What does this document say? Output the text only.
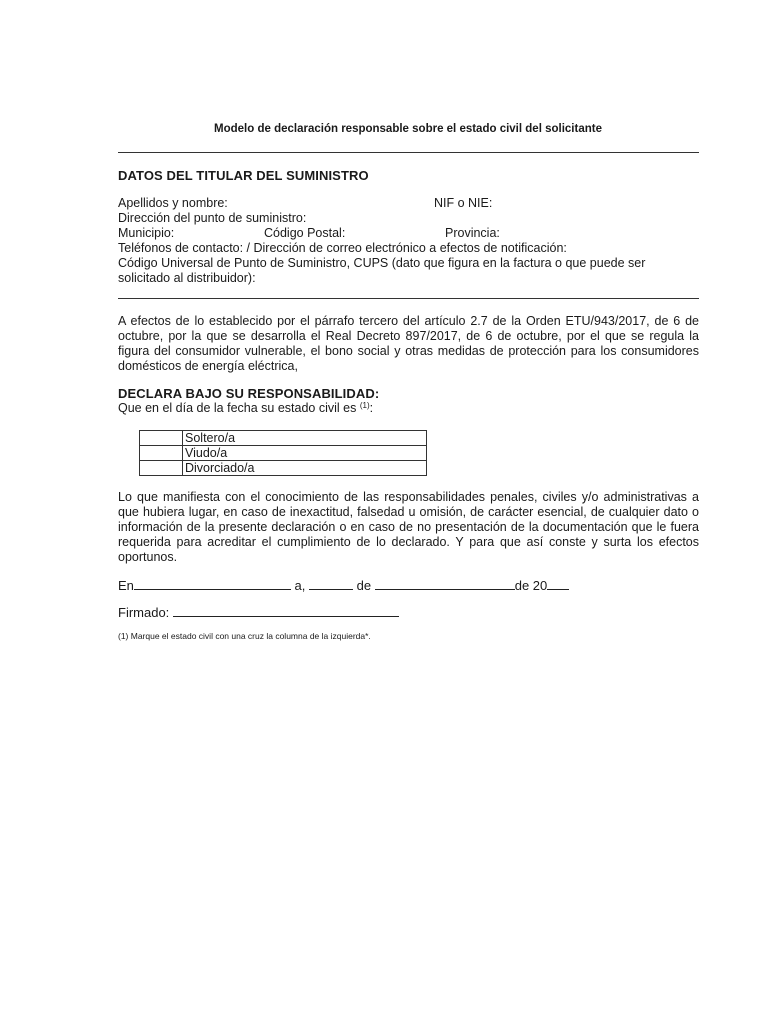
Modelo de declaración responsable sobre el estado civil del solicitante
DATOS DEL TITULAR DEL SUMINISTRO
Apellidos y nombre:	NIF o NIE:
Dirección del punto de suministro:
Municipio:	Código Postal:	Provincia:
Teléfonos de contacto: / Dirección de correo electrónico a efectos de notificación:
Código Universal de Punto de Suministro, CUPS (dato que figura en la factura o que puede ser
solicitado al distribuidor):
A efectos de lo establecido por el párrafo tercero del artículo 2.7 de la Orden ETU/943/2017, de 6 de octubre, por la que se desarrolla el Real Decreto 897/2017, de 6 de octubre, por el que se regula la figura del consumidor vulnerable, el bono social y otras medidas de protección para los consumidores domésticos de energía eléctrica,
DECLARA BAJO SU RESPONSABILIDAD:
Que en el día de la fecha su estado civil es $^{(1)}$:
	Soltero/a
	Viudo/a
	Divorciado/a
Lo que manifiesta con el conocimiento de las responsabilidades penales, civiles y/o administrativas a que hubiera lugar, en caso de inexactitud, falsedad u omisión, de carácter esencial, de cualquier dato o información de la presente declaración o en caso de no presentación de la documentación que le fuera requerida para acreditar el cumplimiento de lo declarado. Y para que así conste y surta los efectos oportunos.
En	a,	de	de 20
Firmado:
(1) Marque el estado civil con una cruz la columna de la izquierda*.
